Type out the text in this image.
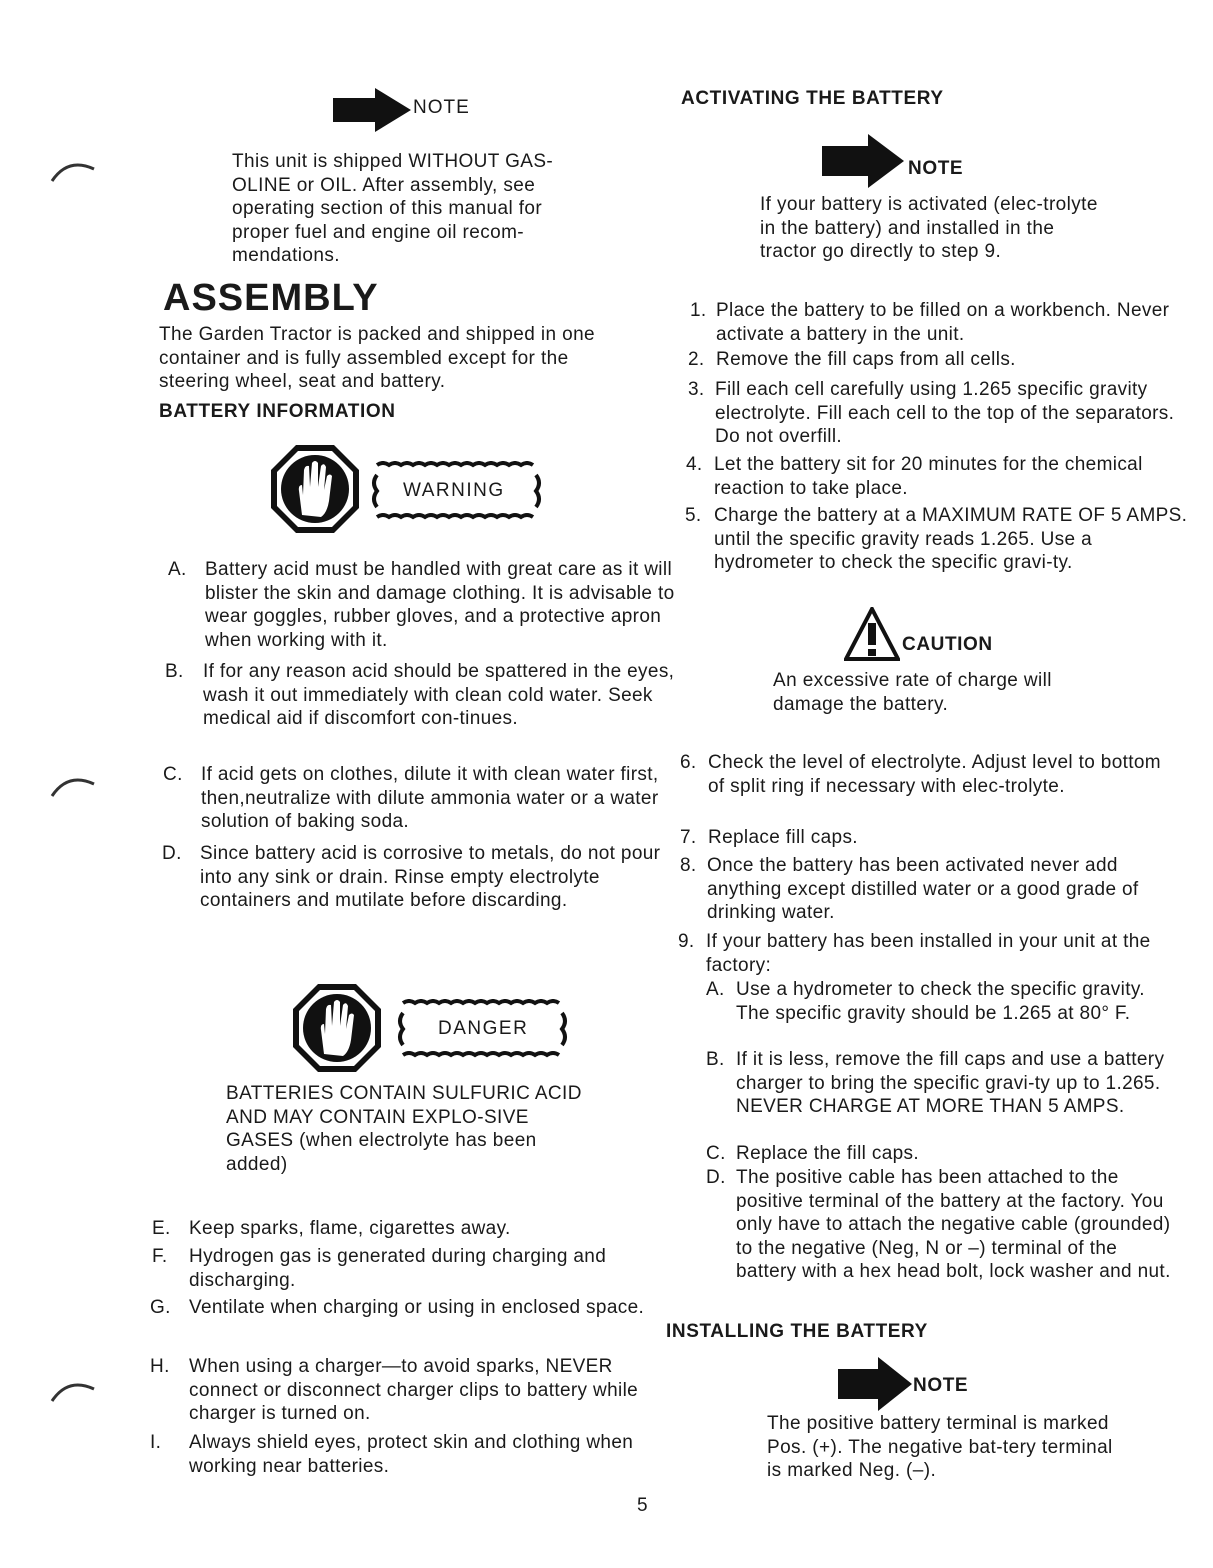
NOTE
This unit is shipped WITHOUT GAS-OLINE or OIL. After assembly, see operating section of this manual for proper fuel and engine oil recom-mendations.
ASSEMBLY
The Garden Tractor is packed and shipped in one container and is fully assembled except for the steering wheel, seat and battery.
BATTERY INFORMATION
WARNING
A. Battery acid must be handled with great care as it will blister the skin and damage clothing. It is advisable to wear goggles, rubber gloves, and a protective apron when working with it.
B. If for any reason acid should be spattered in the eyes, wash it out immediately with clean cold water. Seek medical aid if discomfort con-tinues.
C. If acid gets on clothes, dilute it with clean water first, then,neutralize with dilute ammonia water or a water solution of baking soda.
D. Since battery acid is corrosive to metals, do not pour into any sink or drain. Rinse empty electrolyte containers and mutilate before discarding.
DANGER
BATTERIES CONTAIN SULFURIC ACID AND MAY CONTAIN EXPLO-SIVE GASES (when electrolyte has been added)
E. Keep sparks, flame, cigarettes away.
F. Hydrogen gas is generated during charging and discharging.
G. Ventilate when charging or using in enclosed space.
H. When using a charger—to avoid sparks, NEVER connect or disconnect charger clips to battery while charger is turned on.
I. Always shield eyes, protect skin and clothing when working near batteries.
ACTIVATING THE BATTERY
NOTE
If your battery is activated (elec-trolyte in the battery) and installed in the tractor go directly to step 9.
1. Place the battery to be filled on a workbench. Never activate a battery in the unit.
2. Remove the fill caps from all cells.
3. Fill each cell carefully using 1.265 specific gravity electrolyte. Fill each cell to the top of the separators. Do not overfill.
4. Let the battery sit for 20 minutes for the chemical reaction to take place.
5. Charge the battery at a MAXIMUM RATE OF 5 AMPS. until the specific gravity reads 1.265. Use a hydrometer to check the specific gravi-ty.
CAUTION
An excessive rate of charge will damage the battery.
6. Check the level of electrolyte. Adjust level to bottom of split ring if necessary with elec-trolyte.
7. Replace fill caps.
8. Once the battery has been activated never add anything except distilled water or a good grade of drinking water.
9. If your battery has been installed in your unit at the factory:
A. Use a hydrometer to check the specific gravity. The specific gravity should be 1.265 at 80° F.
B. If it is less, remove the fill caps and use a battery charger to bring the specific gravi-ty up to 1.265. NEVER CHARGE AT MORE THAN 5 AMPS.
C. Replace the fill caps.
D. The positive cable has been attached to the positive terminal of the battery at the factory. You only have to attach the negative cable (grounded) to the negative (Neg, N or –) terminal of the battery with a hex head bolt, lock washer and nut.
INSTALLING THE BATTERY
NOTE
The positive battery terminal is marked Pos. (+). The negative bat-tery terminal is marked Neg. (–).
5
